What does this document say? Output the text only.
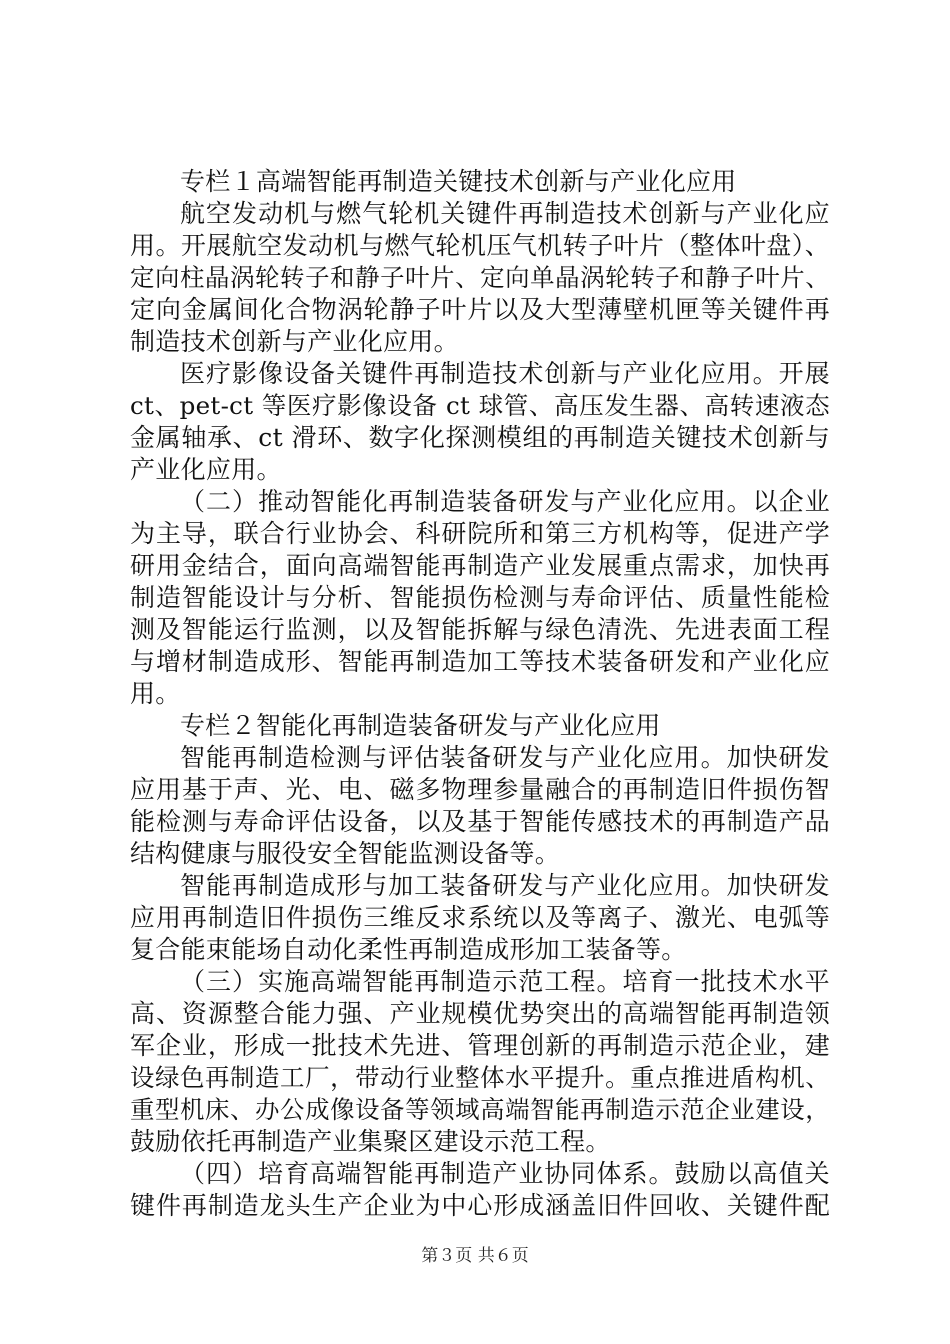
专栏１高端智能再制造关键技术创新与产业化应用
航空发动机与燃气轮机关键件再制造技术创新与产业化应
用。开展航空发动机与燃气轮机压气机转子叶片（整体叶盘）、
定向柱晶涡轮转子和静子叶片、定向单晶涡轮转子和静子叶片、
定向金属间化合物涡轮静子叶片以及大型薄壁机匣等关键件再
制造技术创新与产业化应用。
医疗影像设备关键件再制造技术创新与产业化应用。开展
ct、pet-ct 等医疗影像设备 ct 球管、高压发生器、高转速液态
金属轴承、ct 滑环、数字化探测模组的再制造关键技术创新与
产业化应用。
（二）推动智能化再制造装备研发与产业化应用。以企业
为主导，联合行业协会、科研院所和第三方机构等，促进产学
研用金结合，面向高端智能再制造产业发展重点需求，加快再
制造智能设计与分析、智能损伤检测与寿命评估、质量性能检
测及智能运行监测，以及智能拆解与绿色清洗、先进表面工程
与增材制造成形、智能再制造加工等技术装备研发和产业化应
用。
专栏２智能化再制造装备研发与产业化应用
智能再制造检测与评估装备研发与产业化应用。加快研发
应用基于声、光、电、磁多物理参量融合的再制造旧件损伤智
能检测与寿命评估设备，以及基于智能传感技术的再制造产品
结构健康与服役安全智能监测设备等。
智能再制造成形与加工装备研发与产业化应用。加快研发
应用再制造旧件损伤三维反求系统以及等离子、激光、电弧等
复合能束能场自动化柔性再制造成形加工装备等。
（三）实施高端智能再制造示范工程。培育一批技术水平
高、资源整合能力强、产业规模优势突出的高端智能再制造领
军企业，形成一批技术先进、管理创新的再制造示范企业，建
设绿色再制造工厂，带动行业整体水平提升。重点推进盾构机、
重型机床、办公成像设备等领域高端智能再制造示范企业建设，
鼓励依托再制造产业集聚区建设示范工程。
（四）培育高端智能再制造产业协同体系。鼓励以高值关
键件再制造龙头生产企业为中心形成涵盖旧件回收、关键件配
第３页 共６页
